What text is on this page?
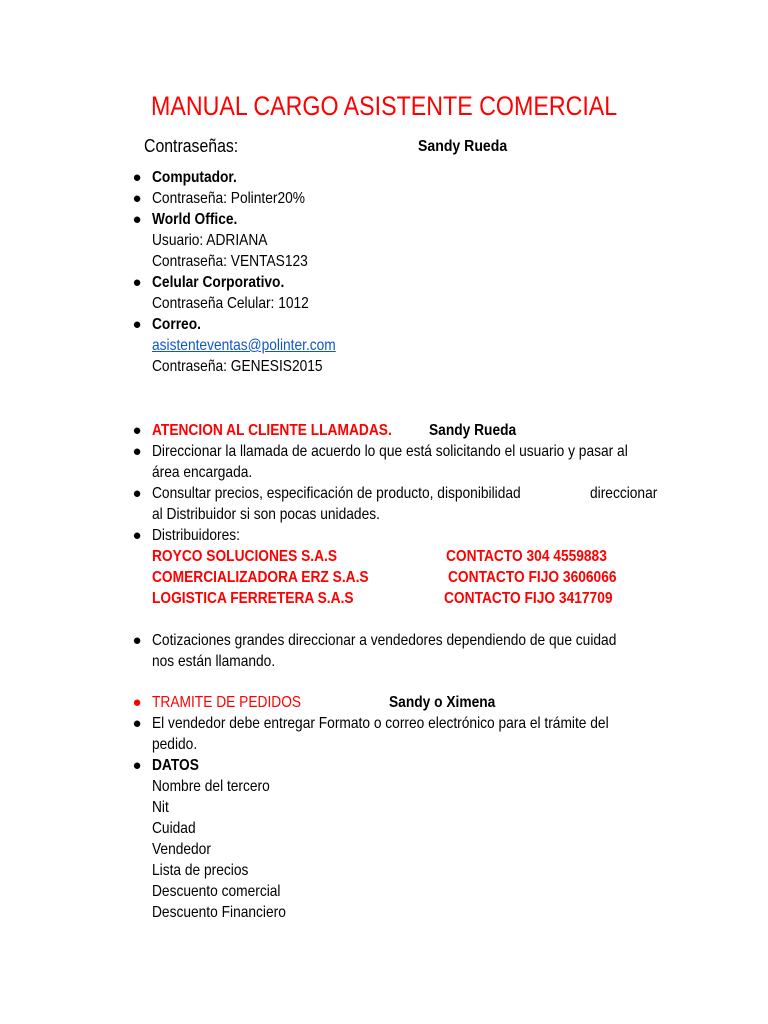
MANUAL CARGO ASISTENTE COMERCIAL
Contraseñas:	Sandy Rueda
● Computador.
● Contraseña: Polinter20%
● World Office.
Usuario: ADRIANA
Contraseña: VENTAS123
● Celular Corporativo.
Contraseña Celular: 1012
● Correo.
asistenteventas@polinter.com
Contraseña: GENESIS2015
● ATENCION AL CLIENTE LLAMADAS. Sandy Rueda
● Direccionar la llamada de acuerdo lo que está solicitando el usuario y pasar al
área encargada.
● Consultar precios, especificación de producto, disponibilidad	direccionar
al Distribuidor si son pocas unidades.
● Distribuidores:
ROYCO SOLUCIONES S.A.S	CONTACTO 304 4559883
COMERCIALIZADORA ERZ S.A.S	CONTACTO FIJO 3606066
LOGISTICA FERRETERA S.A.S	CONTACTO FIJO 3417709
● Cotizaciones grandes direccionar a vendedores dependiendo de que cuidad
nos están llamando.
● TRAMITE DE PEDIDOS	Sandy o Ximena
● El vendedor debe entregar Formato o correo electrónico para el trámite del
pedido.
● DATOS
Nombre del tercero
Nit
Cuidad
Vendedor
Lista de precios
Descuento comercial
Descuento Financiero
